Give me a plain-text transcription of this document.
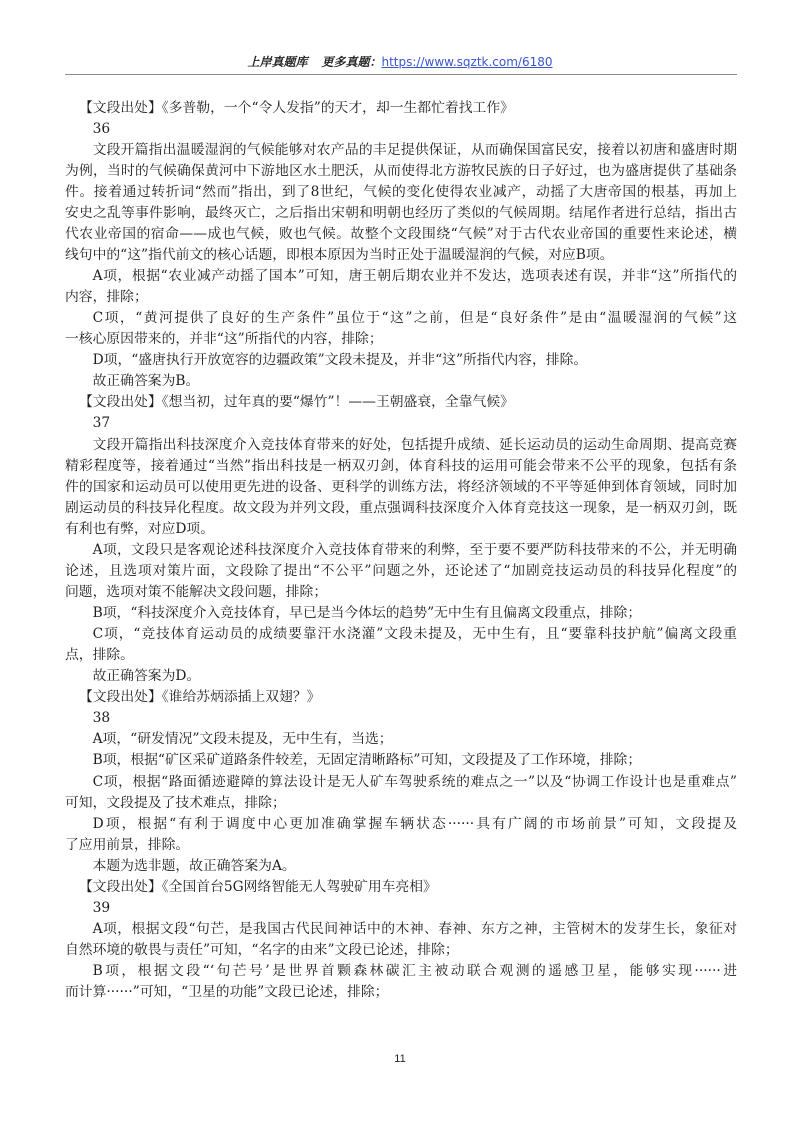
上岸真题库 更多真题：https://www.sqztk.com/6180
【文段出处】《多普勒，一个“令人发指”的天才，却一生都忙着找工作》
36
文段开篇指出温暖湿润的气候能够对农产品的丰足提供保证，从而确保国富民安，接着以初唐和盛唐时期
为例，当时的气候确保黄河中下游地区水土肥沃，从而使得北方游牧民族的日子好过，也为盛唐提供了基础条
件。接着通过转折词“然而”指出，到了8世纪，气候的变化使得农业减产，动摇了大唐帝国的根基，再加上
安史之乱等事件影响，最终灭亡，之后指出宋朝和明朝也经历了类似的气候周期。结尾作者进行总结，指出古
代农业帝国的宿命——成也气候，败也气候。故整个文段围绕“气候”对于古代农业帝国的重要性来论述，横
线句中的“这”指代前文的核心话题，即根本原因为当时正处于温暖湿润的气候，对应B项。
A项，根据“农业减产动摇了国本”可知，唐王朝后期农业并不发达，选项表述有误，并非“这”所指代的
内容，排除；
C项，“黄河提供了良好的生产条件”虽位于“这”之前，但是“良好条件”是由“温暖湿润的气候”这
一核心原因带来的，并非“这”所指代的内容，排除；
D项，“盛唐执行开放宽容的边疆政策”文段未提及，并非“这”所指代内容，排除。
故正确答案为B。
【文段出处】《想当初，过年真的要“爆竹”！——王朝盛衰，全靠气候》
37
文段开篇指出科技深度介入竞技体育带来的好处，包括提升成绩、延长运动员的运动生命周期、提高竞赛
精彩程度等，接着通过“当然”指出科技是一柄双刃剑，体育科技的运用可能会带来不公平的现象，包括有条
件的国家和运动员可以使用更先进的设备、更科学的训练方法，将经济领域的不平等延伸到体育领域，同时加
剧运动员的科技异化程度。故文段为并列文段，重点强调科技深度介入体育竞技这一现象，是一柄双刃剑，既
有利也有弊，对应D项。
A项，文段只是客观论述科技深度介入竞技体育带来的利弊，至于要不要严防科技带来的不公，并无明确
论述，且选项对策片面，文段除了提出“不公平”问题之外，还论述了“加剧竞技运动员的科技异化程度”的
问题，选项对策不能解决文段问题，排除；
B项，“科技深度介入竞技体育，早已是当今体坛的趋势”无中生有且偏离文段重点，排除；
C项，“竞技体育运动员的成绩要靠汗水浇灌”文段未提及，无中生有，且“要靠科技护航”偏离文段重
点，排除。
故正确答案为D。
【文段出处】《谁给苏炳添插上双翅？》
38
A项，“研发情况”文段未提及，无中生有，当选；
B项，根据“矿区采矿道路条件较差，无固定清晰路标”可知，文段提及了工作环境，排除；
C项，根据“路面循迹避障的算法设计是无人矿车驾驶系统的难点之一”以及“协调工作设计也是重难点”
可知，文段提及了技术难点，排除；
D项，根据“有利于调度中心更加准确掌握车辆状态······具有广阔的市场前景”可知，文段提及
了应用前景，排除。
本题为选非题，故正确答案为A。
【文段出处】《全国首台5G网络智能无人驾驶矿用车亮相》
39
A项，根据文段“句芒，是我国古代民间神话中的木神、春神、东方之神，主管树木的发芽生长，象征对
自然环境的敬畏与责任”可知，“名字的由来”文段已论述，排除；
B项，根据文段“‘句芒号’是世界首颗森林碳汇主被动联合观测的遥感卫星，能够实现······进
而计算······”可知，“卫星的功能”文段已论述，排除；
11
